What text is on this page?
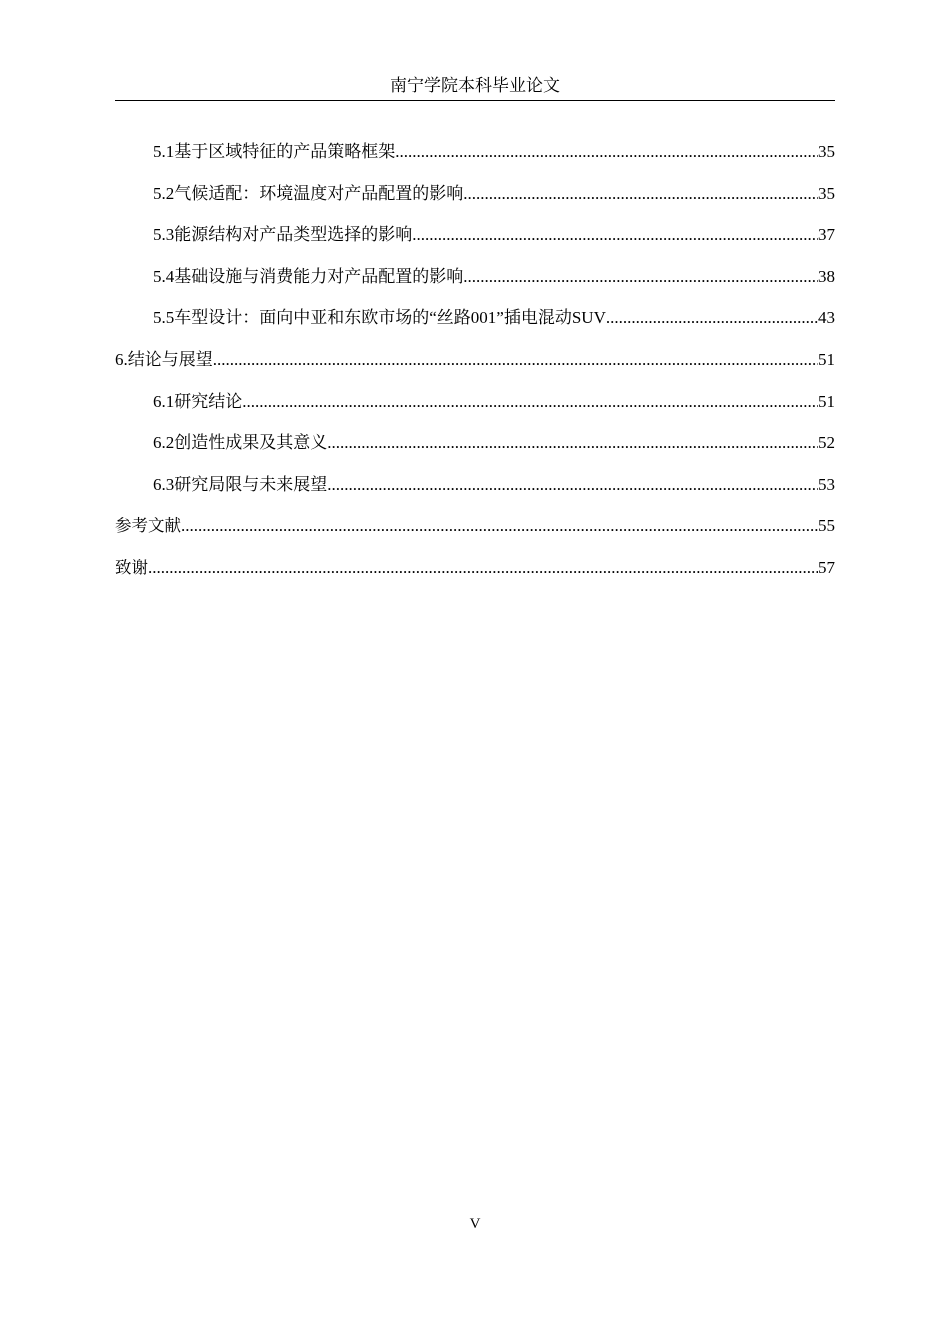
南宁学院本科毕业论文
5.1基于区域特征的产品策略框架 .....	35
5.2气候适配：环境温度对产品配置的影响 .....	35
5.3能源结构对产品类型选择的影响 .....	37
5.4基础设施与消费能力对产品配置的影响 .....	38
5.5车型设计：面向中亚和东欧市场的“丝路001”插电混动SUV .....	43
6.结论与展望 .....	51
6.1研究结论 .....	51
6.2创造性成果及其意义 .....	52
6.3研究局限与未来展望 .....	53
参考文献 .....	55
致谢 .....	57
V
